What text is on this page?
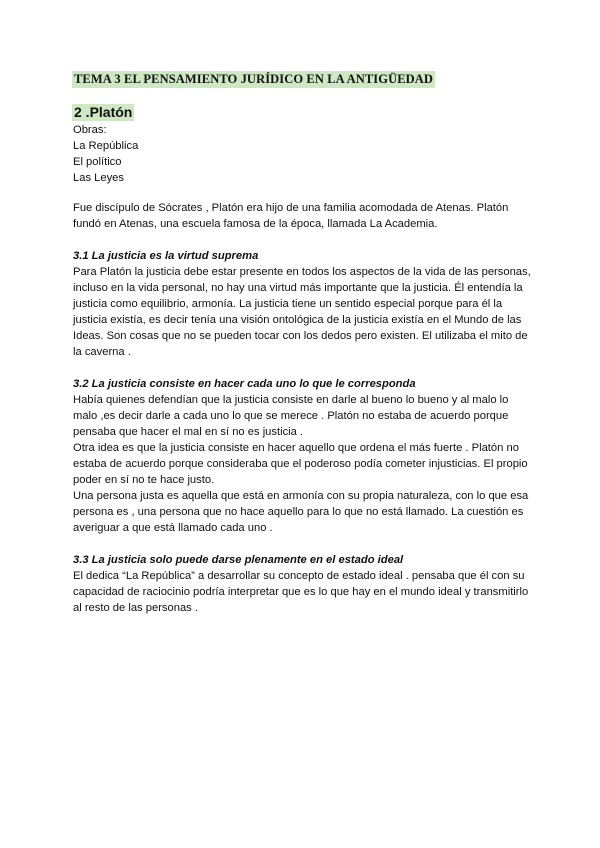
TEMA 3 EL PENSAMIENTO JURÍDICO EN LA ANTIGÜEDAD
2 .Platón
Obras:
La República
El político
Las Leyes
Fue discípulo de Sócrates , Platón era hijo de una familia acomodada de Atenas. Platón
fundó en Atenas, una escuela famosa de la época, llamada La Academia.
3.1 La justicia es la virtud suprema
Para Platón la justicia debe estar presente en todos los aspectos de la vida de las personas,
incluso en la vida personal, no hay una virtud más importante que la justicia. Él entendía la
justicia como equilibrio, armonía. La justicia tiene un sentido especial porque para él la
justicia existía, es decir tenía una visión ontológica de la justicia existía en el Mundo de las
Ideas. Son cosas que no se pueden tocar con los dedos pero existen. El utilizaba el mito de
la caverna .
3.2 La justicia consiste en hacer cada uno lo que le corresponda
Había quienes defendían que la justicia consiste en darle al bueno lo bueno y al malo lo
malo ,es decir darle a cada uno lo que se merece . Platón no estaba de acuerdo porque
pensaba que hacer el mal en sí no es justicia .
Otra idea es que la justicia consiste en hacer aquello que ordena el más fuerte . Platón no
estaba de acuerdo porque consideraba que el poderoso podía cometer injusticias. El propio
poder en sí no te hace justo.
Una persona justa es aquella que está en armonía con su propia naturaleza, con lo que esa
persona es , una persona que no hace aquello para lo que no está llamado. La cuestión es
averiguar a que está llamado cada uno .
3.3 La justicia solo puede darse plenamente en el estado ideal
El dedica “La República” a desarrollar su concepto de estado ideal . pensaba que él con su
capacidad de raciocinio podría interpretar que es lo que hay en el mundo ideal y transmitirlo
al resto de las personas .
